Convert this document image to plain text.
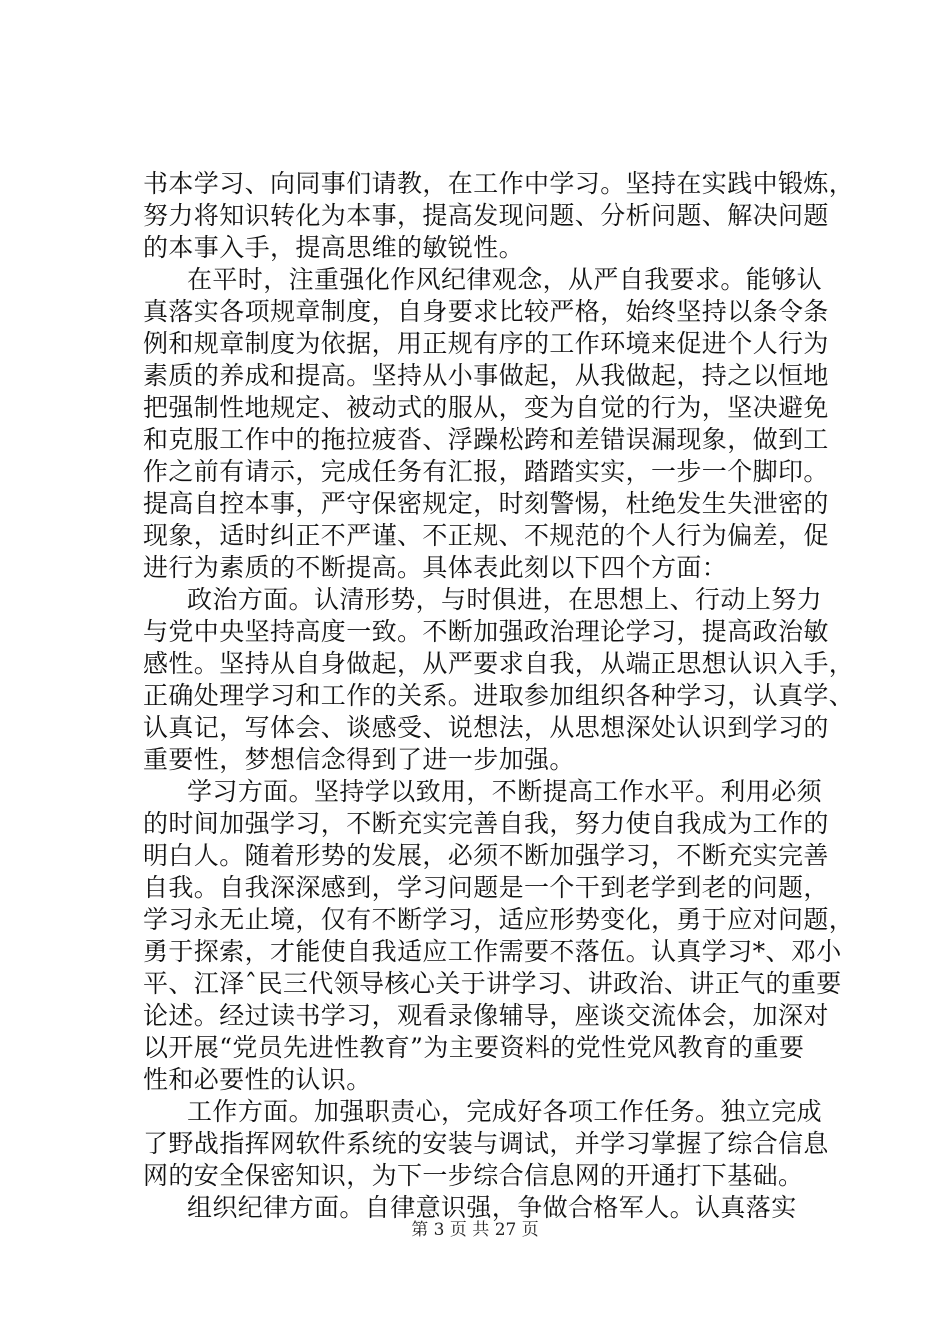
书本学习、向同事们请教，在工作中学习。坚持在实践中锻炼，
努力将知识转化为本事，提高发现问题、分析问题、解决问题
的本事入手，提高思维的敏锐性。
在平时，注重强化作风纪律观念，从严自我要求。能够认
真落实各项规章制度，自身要求比较严格，始终坚持以条令条
例和规章制度为依据，用正规有序的工作环境来促进个人行为
素质的养成和提高。坚持从小事做起，从我做起，持之以恒地
把强制性地规定、被动式的服从，变为自觉的行为，坚决避免
和克服工作中的拖拉疲沓、浮躁松跨和差错误漏现象，做到工
作之前有请示，完成任务有汇报，踏踏实实，一步一个脚印。
提高自控本事，严守保密规定，时刻警惕，杜绝发生失泄密的
现象，适时纠正不严谨、不正规、不规范的个人行为偏差，促
进行为素质的不断提高。具体表此刻以下四个方面：
政治方面。认清形势，与时俱进，在思想上、行动上努力
与党中央坚持高度一致。不断加强政治理论学习，提高政治敏
感性。坚持从自身做起，从严要求自我，从端正思想认识入手，
正确处理学习和工作的关系。进取参加组织各种学习，认真学、
认真记，写体会、谈感受、说想法，从思想深处认识到学习的
重要性，梦想信念得到了进一步加强。
学习方面。坚持学以致用，不断提高工作水平。利用必须
的时间加强学习，不断充实完善自我，努力使自我成为工作的
明白人。随着形势的发展，必须不断加强学习，不断充实完善
自我。自我深深感到，学习问题是一个干到老学到老的问题，
学习永无止境，仅有不断学习，适应形势变化，勇于应对问题，
勇于探索，才能使自我适应工作需要不落伍。认真学习*、邓小
平、江泽ˆ民三代领导核心关于讲学习、讲政治、讲正气的重要
论述。经过读书学习，观看录像辅导，座谈交流体会，加深对
以开展“党员先进性教育”为主要资料的党性党风教育的重要
性和必要性的认识。
工作方面。加强职责心，完成好各项工作任务。独立完成
了野战指挥网软件系统的安装与调试，并学习掌握了综合信息
网的安全保密知识，为下一步综合信息网的开通打下基础。
组织纪律方面。自律意识强，争做合格军人。认真落实
第 3 页 共 27 页
